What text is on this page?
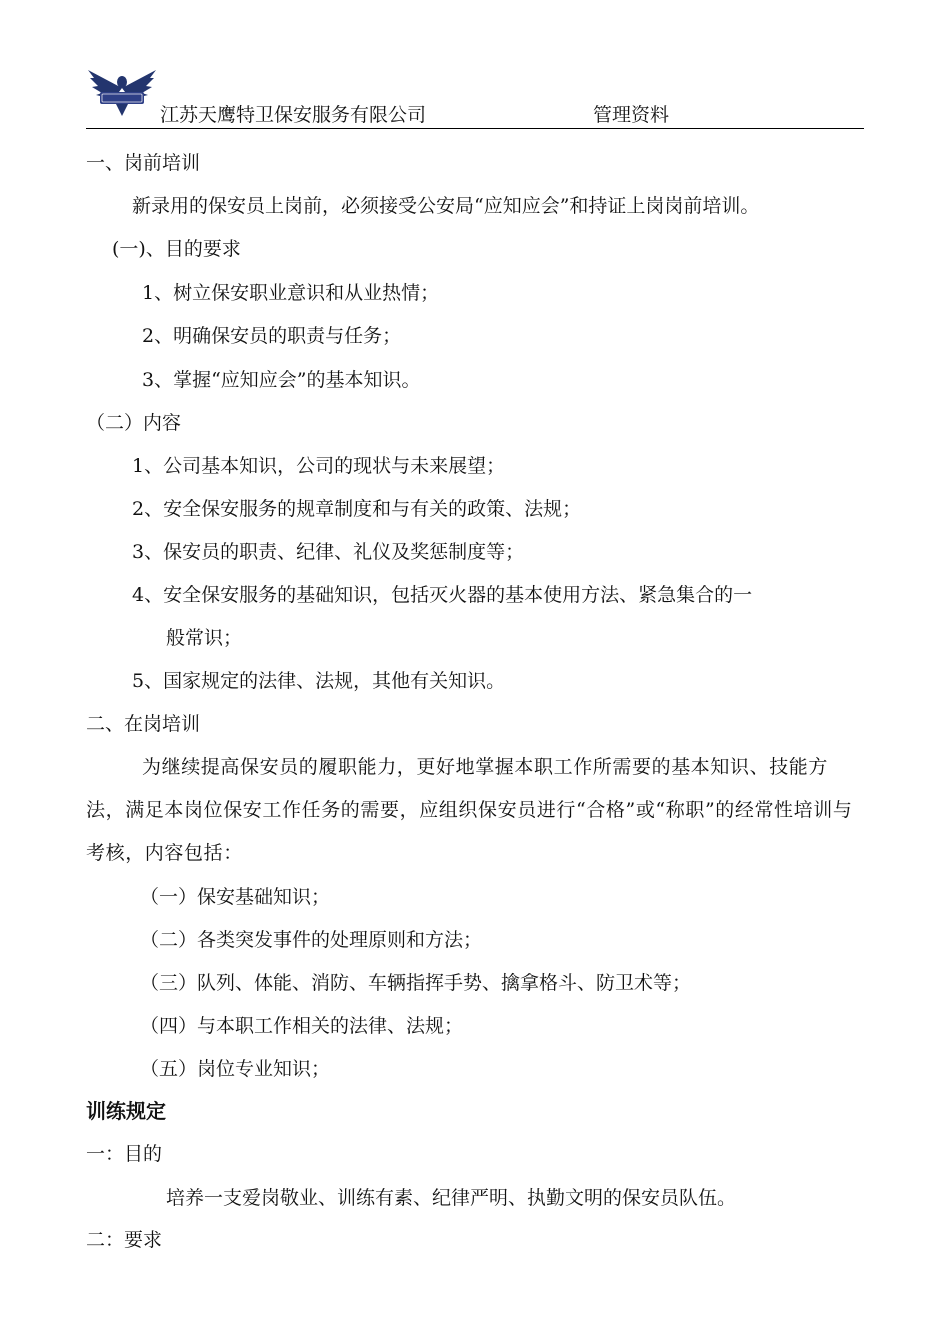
江苏天鹰特卫保安服务有限公司	管理资料
一、岗前培训
新录用的保安员上岗前，必须接受公安局“应知应会”和持证上岗岗前培训。
(一)、目的要求
1、树立保安职业意识和从业热情；
2、明确保安员的职责与任务；
3、掌握“应知应会”的基本知识。
（二）内容
1、公司基本知识，公司的现状与未来展望；
2、安全保安服务的规章制度和与有关的政策、法规；
3、保安员的职责、纪律、礼仪及奖惩制度等；
4、安全保安服务的基础知识，包括灭火器的基本使用方法、紧急集合的一
般常识；
5、国家规定的法律、法规，其他有关知识。
二、在岗培训
为继续提高保安员的履职能力，更好地掌握本职工作所需要的基本知识、技能方法，满足本岗位保安工作任务的需要，应组织保安员进行“合格”或“称职”的经常性培训与考核，内容包括：
（一）保安基础知识；
（二）各类突发事件的处理原则和方法；
（三）队列、体能、消防、车辆指挥手势、擒拿格斗、防卫术等；
（四）与本职工作相关的法律、法规；
（五）岗位专业知识；
训练规定
一：目的
培养一支爱岗敬业、训练有素、纪律严明、执勤文明的保安员队伍。
二：要求
